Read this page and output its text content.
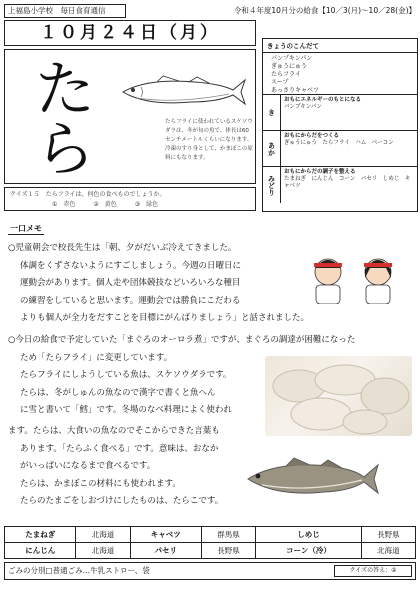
上福島小学校　毎日食育通信	令和４年度10月分の給食【10／3(月)〜10／28(金)】
１０月２４日（月）
たら	たらフライに使われているスケソウダラは、冬が旬の魚で、体長は60センチメートルくらいになります。冷凍のすり身として、かまぼこの原料にもなります。
クイズ１５　たらフライは、何色の食べものでしょうか。
①　赤色	②　黄色	③　緑色
きょうのこんだて
パンプキンパン
ぎゅうにゅう
たらフライ
スープ
あっさりキャベツ
き
おもにエネルギーのもとになる
パンプキンパン
あか
おもにからだをつくる
ぎゅうにゅう　たらフライ　ハム　ベーコン
みどり
おもにからだの調子を整える
たまねぎ　にんじん　コーン　パセリ　しめじ　キャベツ
一口メモ
○児童朝会で校長先生は「朝、夕がだいぶ冷えてきました。
体調をくずさないようにすごしましょう。今週の日曜日に
運動会があります。個人走や団体競技などいろいろな種目
の練習をしていると思います。運動会では勝負にこだわる
よりも個人が全力をだすことを目標にがんばりましょう」と話されました。
○今日の給食で予定していた「まぐろのオーロラ煮」ですが、まぐろの調達が困難になった
ため「たらフライ」に変更しています。
たらフライにしようしている魚は、スケソウダラです。
たらは、冬がしゅんの魚なので漢字で書くと魚へん
に雪と書いて「鱈」です。冬場のなべ料理によく使われ
ます。たらは、大食いの魚なのでそこからできた言葉も
あります。「たらふく食べる」です。意味は、おなか
がいっぱいになるまで食べるです。
たらは、かまぼこの材料にも使われます。
たらのたまごをしおづけにしたものは、たらこです。
たまねぎ	北海道	キャベツ	群馬県	しめじ	長野県
にんじん	北海道	パセリ	長野県	コーン（冷）	北海道
ごみの分別□普通ごみ…牛乳ストロー、袋	クイズの答え：②
